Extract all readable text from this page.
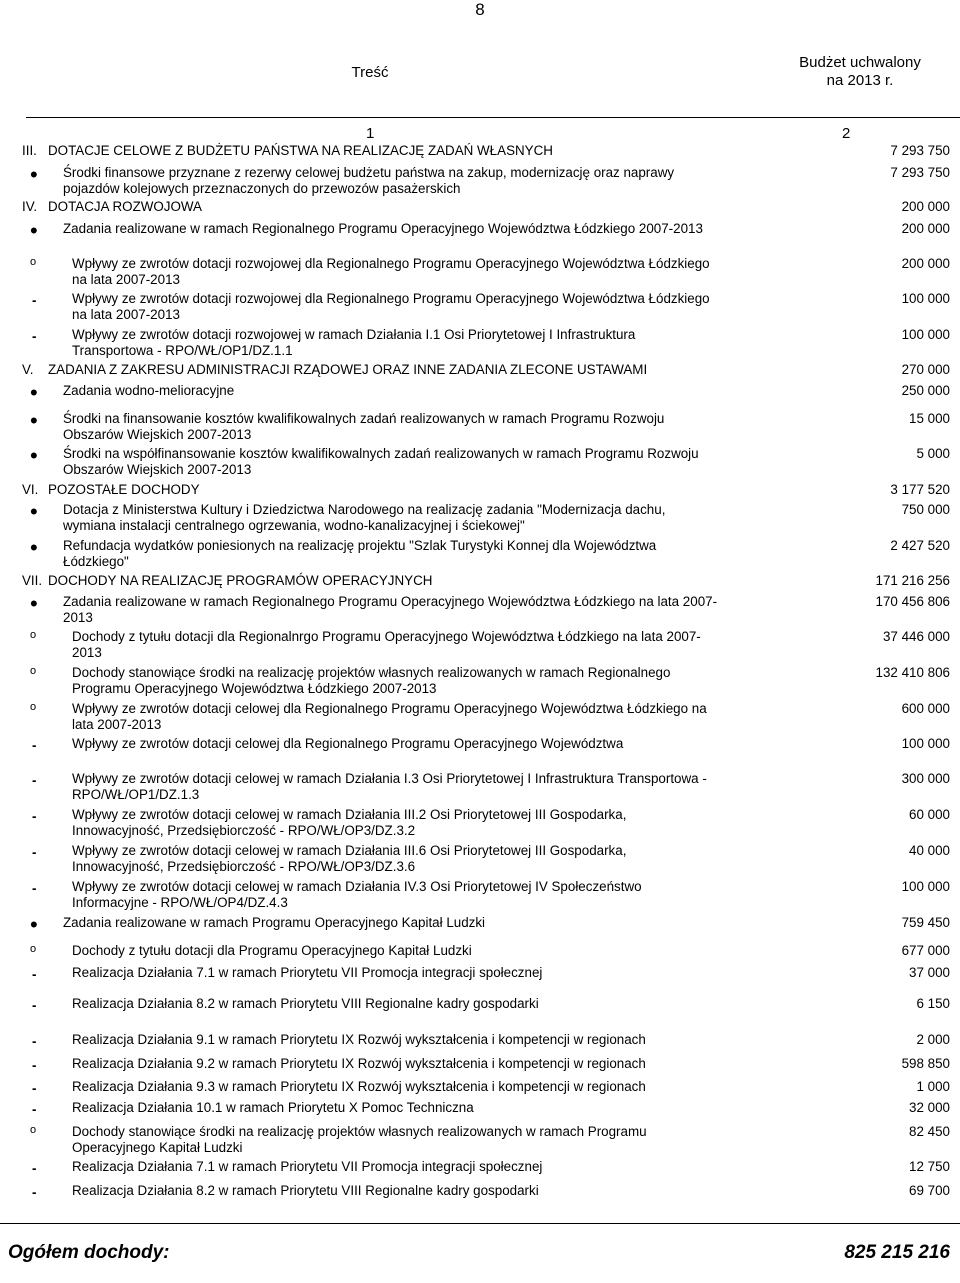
8
Treść
Budżet uchwalony
na 2013 r.
1	2
III. DOTACJE CELOWE Z BUDŻETU PAŃSTWA NA REALIZACJĘ ZADAŃ WŁASNYCH	7 293 750
• Środki finansowe przyznane z rezerwy celowej budżetu państwa na zakup, modernizację oraz naprawy pojazdów kolejowych przeznaczonych do przewozów pasażerskich
7 293 750
IV. DOTACJA ROZWOJOWA	200 000
• Zadania realizowane w ramach Regionalnego Programu Operacyjnego Województwa Łódzkiego 2007-2013	200 000
o	Wpływy ze zwrotów dotacji rozwojowej dla Regionalnego Programu Operacyjnego Województwa Łódzkiego na lata 2007-2013
200 000
-	Wpływy ze zwrotów dotacji rozwojowej dla Regionalnego Programu Operacyjnego Województwa Łódzkiego na lata 2007-2013
100 000
-	Wpływy ze zwrotów dotacji rozwojowej w ramach Działania I.1 Osi Priorytetowej I Infrastruktura Transportowa - RPO/WŁ/OP1/DZ.1.1
100 000
V. ZADANIA Z ZAKRESU ADMINISTRACJI RZĄDOWEJ ORAZ INNE ZADANIA ZLECONE USTAWAMI	270 000
• Zadania wodno-melioracyjne	250 000
• Środki na finansowanie kosztów kwalifikowalnych zadań realizowanych w ramach Programu Rozwoju Obszarów Wiejskich 2007-2013
15 000
• Środki na współfinansowanie kosztów kwalifikowalnych zadań realizowanych w ramach Programu Rozwoju Obszarów Wiejskich 2007-2013
5 000
VI. POZOSTAŁE DOCHODY	3 177 520
• Dotacja z Ministerstwa Kultury i Dziedzictwa Narodowego na realizację zadania "Modernizacja dachu, wymiana instalacji centralnego ogrzewania, wodno-kanalizacyjnej i ściekowej"
750 000
• Refundacja wydatków poniesionych na realizację projektu "Szlak Turystyki Konnej dla Województwa Łódzkiego"
2 427 520
VII. DOCHODY NA REALIZACJĘ PROGRAMÓW OPERACYJNYCH	171 216 256
• Zadania realizowane w ramach Regionalnego Programu Operacyjnego Województwa Łódzkiego na lata 2007-2013
170 456 806
o	Dochody z tytułu dotacji dla Regionalnrgo Programu Operacyjnego Województwa Łódzkiego na lata 2007-2013
37 446 000
o	Dochody stanowiące środki na realizację projektów własnych realizowanych w ramach Regionalnego Programu Operacyjnego Województwa Łódzkiego 2007-2013
132 410 806
o	Wpływy ze zwrotów dotacji celowej dla Regionalnego Programu Operacyjnego Województwa Łódzkiego na lata 2007-2013
600 000
-	Wpływy ze zwrotów dotacji celowej dla Regionalnego Programu Operacyjnego Województwa	100 000
-	Wpływy ze zwrotów dotacji celowej w ramach Działania I.3 Osi Priorytetowej I Infrastruktura Transportowa - RPO/WŁ/OP1/DZ.1.3
300 000
-	Wpływy ze zwrotów dotacji celowej w ramach Działania III.2 Osi Priorytetowej III Gospodarka, Innowacyjność, Przedsiębiorczość - RPO/WŁ/OP3/DZ.3.2
60 000
-	Wpływy ze zwrotów dotacji celowej w ramach Działania III.6 Osi Priorytetowej III Gospodarka, Innowacyjność, Przedsiębiorczość - RPO/WŁ/OP3/DZ.3.6
40 000
-	Wpływy ze zwrotów dotacji celowej w ramach Działania IV.3 Osi Priorytetowej IV Społeczeństwo Informacyjne - RPO/WŁ/OP4/DZ.4.3
100 000
• Zadania realizowane w ramach Programu Operacyjnego Kapitał Ludzki	759 450
o	Dochody z tytułu dotacji dla Programu Operacyjnego Kapitał Ludzki	677 000
-	Realizacja Działania 7.1 w ramach Priorytetu VII Promocja integracji społecznej	37 000
-	Realizacja Działania 8.2 w ramach Priorytetu VIII Regionalne kadry gospodarki	6 150
-	Realizacja Działania 9.1 w ramach Priorytetu IX Rozwój wykształcenia i kompetencji w regionach	2 000
-	Realizacja Działania 9.2 w ramach Priorytetu IX Rozwój wykształcenia i kompetencji w regionach	598 850
-	Realizacja Działania 9.3 w ramach Priorytetu IX Rozwój wykształcenia i kompetencji w regionach	1 000
-	Realizacja Działania 10.1 w ramach Priorytetu X Pomoc Techniczna	32 000
o	Dochody stanowiące środki na realizację projektów własnych realizowanych w ramach Programu Operacyjnego Kapitał Ludzki
82 450
-	Realizacja Działania 7.1 w ramach Priorytetu VII Promocja integracji społecznej	12 750
-	Realizacja Działania 8.2 w ramach Priorytetu VIII Regionalne kadry gospodarki	69 700
Ogółem dochody:	825 215 216
